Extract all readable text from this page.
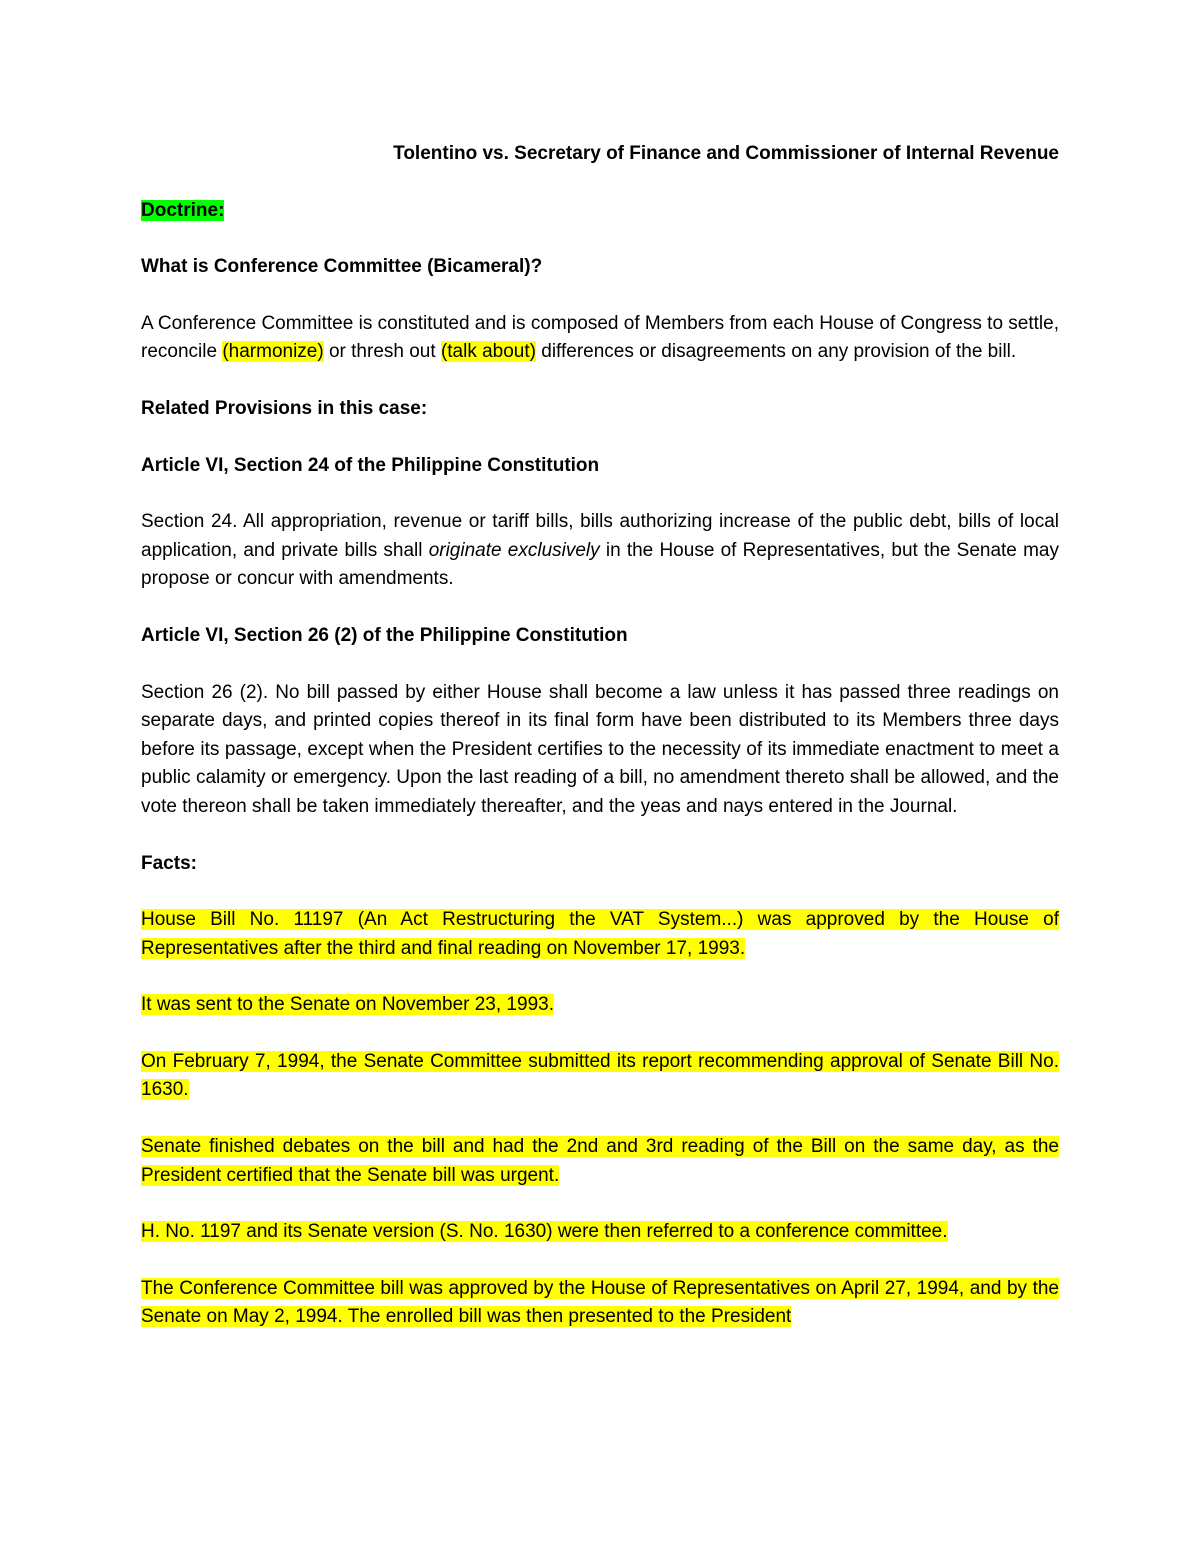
Tolentino vs. Secretary of Finance and Commissioner of Internal Revenue

Doctrine:

What is Conference Committee (Bicameral)?

A Conference Committee is constituted and is composed of Members from each House of Congress to settle, reconcile (harmonize) or thresh out (talk about) differences or disagreements on any provision of the bill.

Related Provisions in this case:

Article VI, Section 24 of the Philippine Constitution

Section 24. All appropriation, revenue or tariff bills, bills authorizing increase of the public debt, bills of local application, and private bills shall originate exclusively in the House of Representatives, but the Senate may propose or concur with amendments.

Article VI, Section 26 (2) of the Philippine Constitution

Section 26 (2). No bill passed by either House shall become a law unless it has passed three readings on separate days, and printed copies thereof in its final form have been distributed to its Members three days before its passage, except when the President certifies to the necessity of its immediate enactment to meet a public calamity or emergency. Upon the last reading of a bill, no amendment thereto shall be allowed, and the vote thereon shall be taken immediately thereafter, and the yeas and nays entered in the Journal.

Facts:

House Bill No. 11197 (An Act Restructuring the VAT System...) was approved by the House of Representatives after the third and final reading on November 17, 1993.

It was sent to the Senate on November 23, 1993.

On February 7, 1994, the Senate Committee submitted its report recommending approval of Senate Bill No. 1630.

Senate finished debates on the bill and had the 2nd and 3rd reading of the Bill on the same day, as the President certified that the Senate bill was urgent.

H. No. 1197 and its Senate version (S. No. 1630) were then referred to a conference committee.

The Conference Committee bill was approved by the House of Representatives on April 27, 1994, and by the Senate on May 2, 1994. The enrolled bill was then presented to the President
